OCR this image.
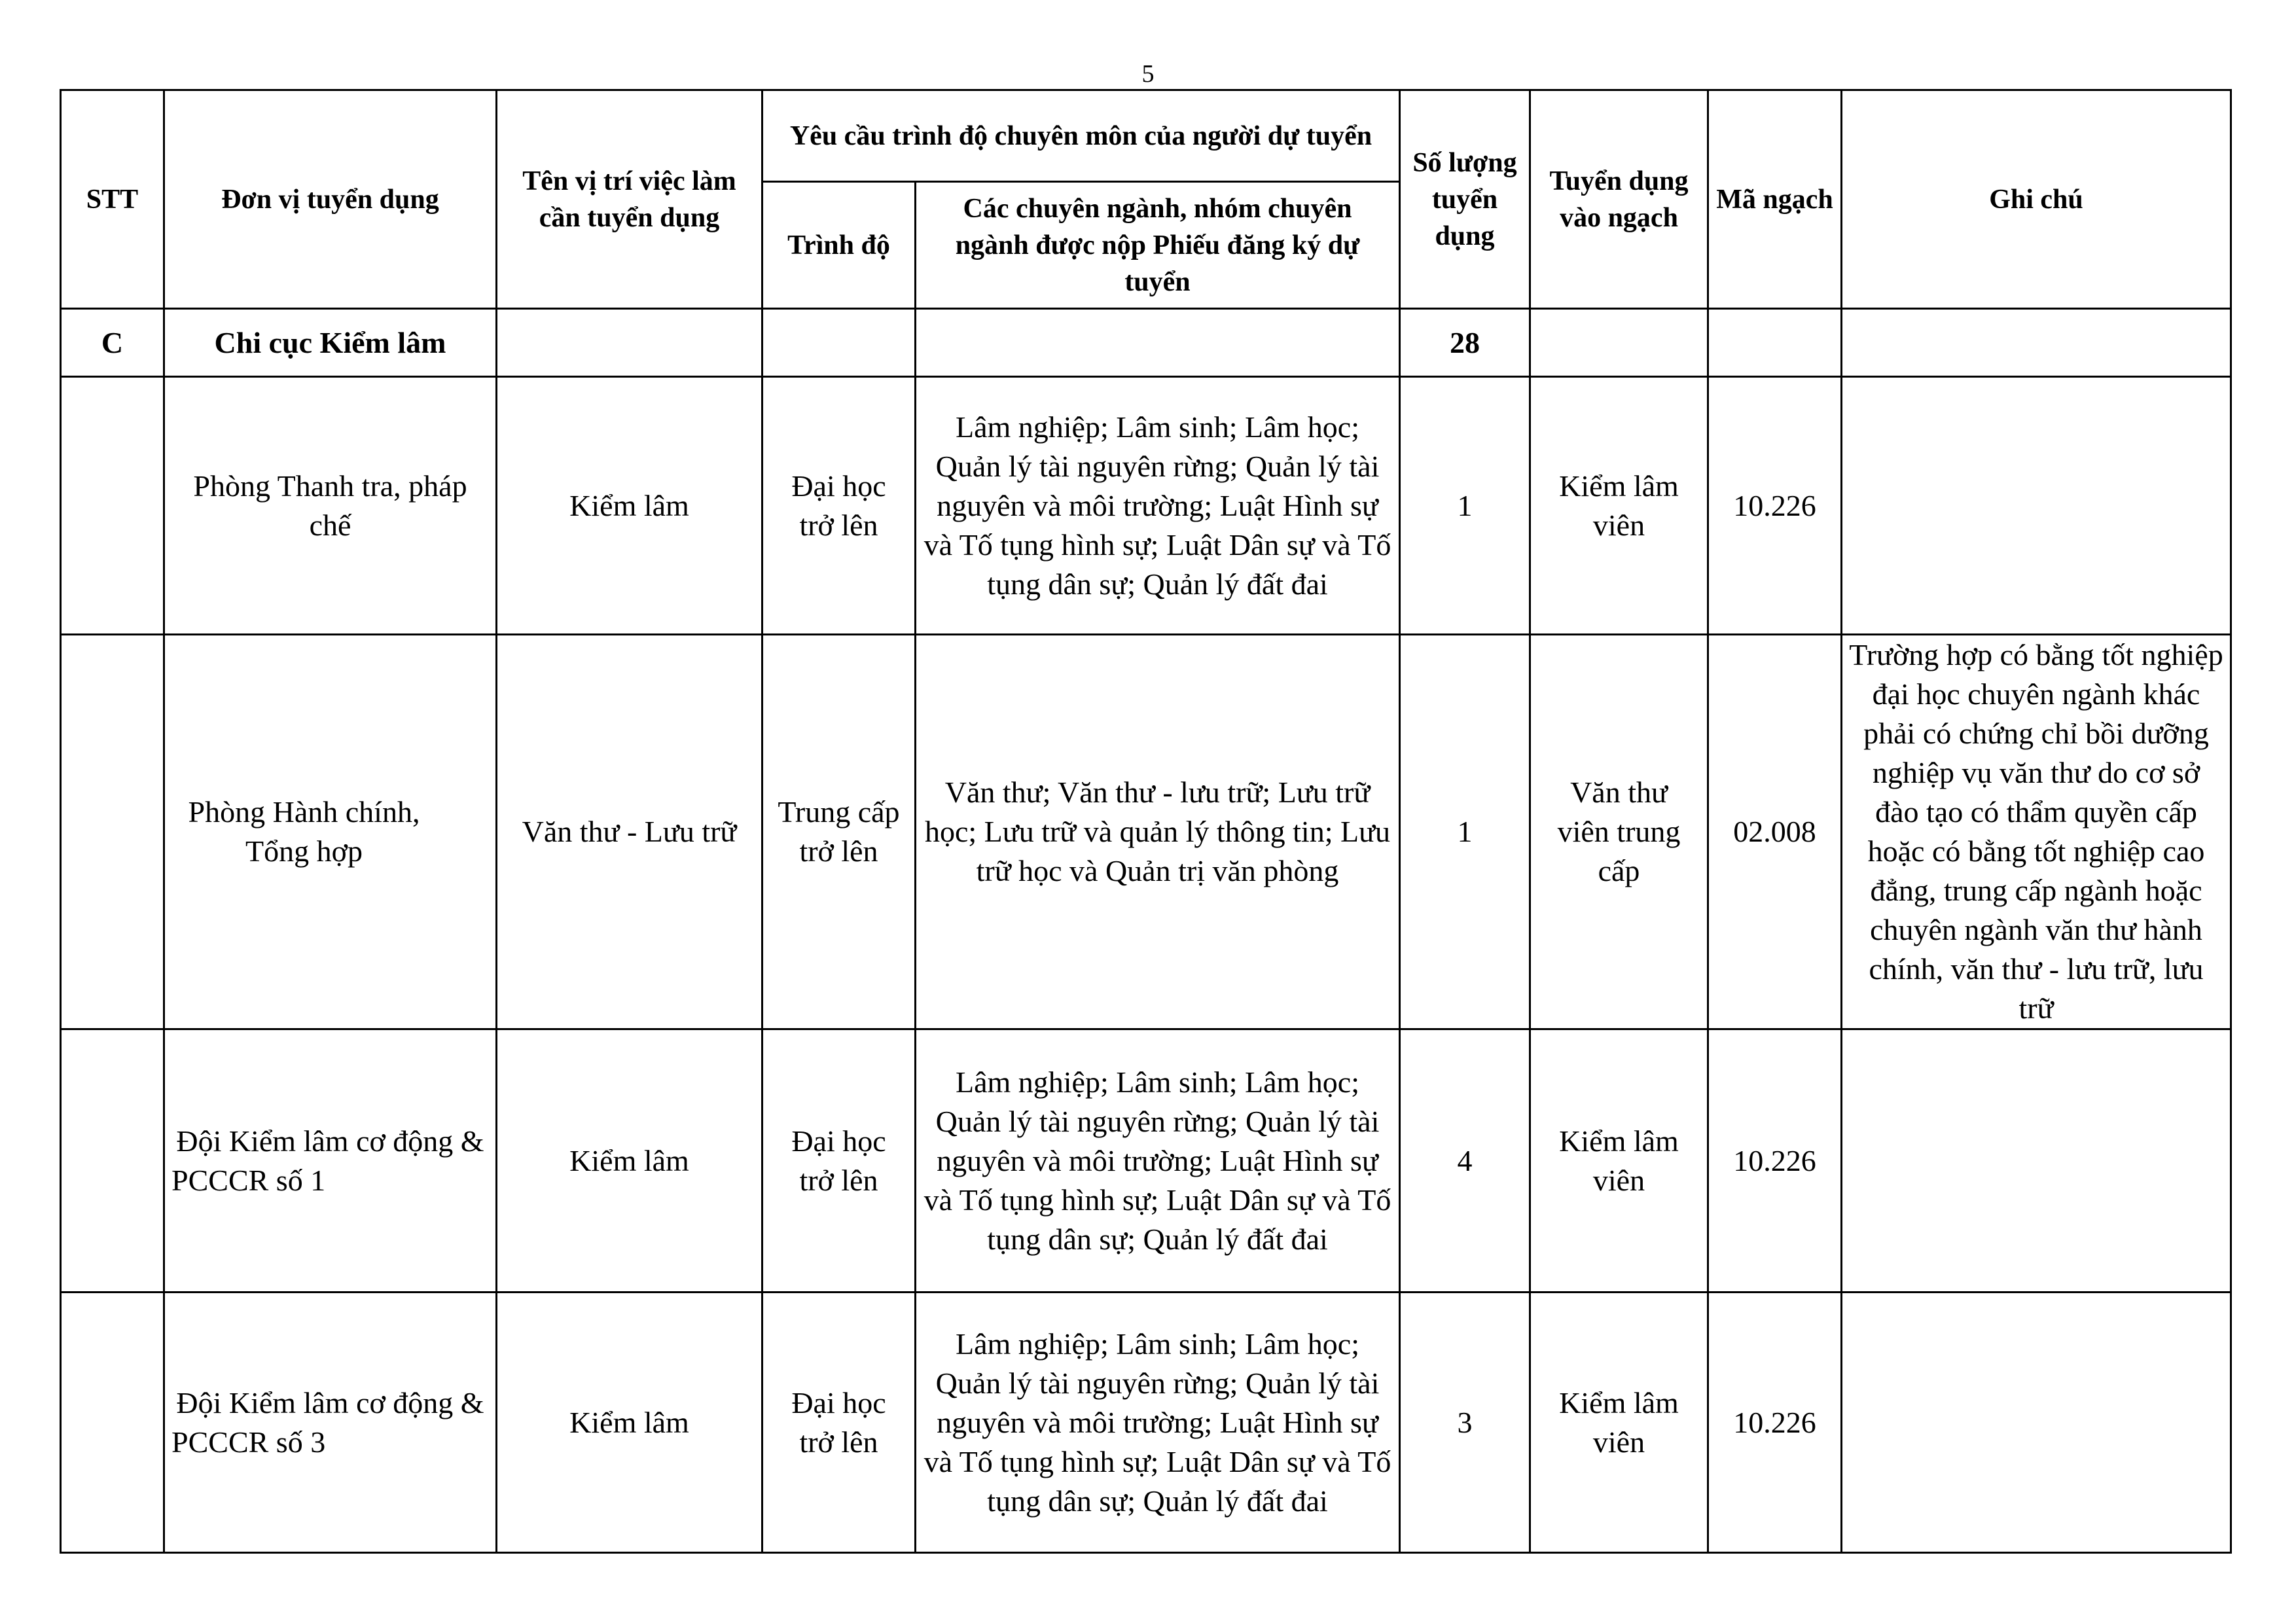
5
STT	Đơn vị tuyển dụng	Tên vị trí việc làm cần tuyển dụng	Yêu cầu trình độ chuyên môn của người dự tuyển		Số lượng tuyển dụng	Tuyển dụng vào ngạch	Mã ngạch	Ghi chú
			Trình độ	Các chuyên ngành, nhóm chuyên ngành được nộp Phiếu đăng ký dự tuyển				
C	Chi cục Kiểm lâm				28			
	Phòng Thanh tra, pháp chế	Kiểm lâm	Đại học trở lên	Lâm nghiệp; Lâm sinh; Lâm học; Quản lý tài nguyên rừng; Quản lý tài nguyên và môi trường; Luật Hình sự và Tố tụng hình sự; Luật Dân sự và Tố tụng dân sự; Quản lý đất đai	1	Kiểm lâm viên	10.226	
	Phòng Hành chính, Tổng hợp	Văn thư - Lưu trữ	Trung cấp trở lên	Văn thư; Văn thư - lưu trữ; Lưu trữ học; Lưu trữ và quản lý thông tin; Lưu trữ học và Quản trị văn phòng	1	Văn thư viên trung cấp	02.008	Trường hợp có bằng tốt nghiệp đại học chuyên ngành khác phải có chứng chỉ bồi dưỡng nghiệp vụ văn thư do cơ sở đào tạo có thẩm quyền cấp hoặc có bằng tốt nghiệp cao đẳng, trung cấp ngành hoặc chuyên ngành văn thư hành chính, văn thư - lưu trữ, lưu trữ
	Đội Kiểm lâm cơ động & PCCCR số 1	Kiểm lâm	Đại học trở lên	Lâm nghiệp; Lâm sinh; Lâm học; Quản lý tài nguyên rừng; Quản lý tài nguyên và môi trường; Luật Hình sự và Tố tụng hình sự; Luật Dân sự và Tố tụng dân sự; Quản lý đất đai	4	Kiểm lâm viên	10.226	
	Đội Kiểm lâm cơ động & PCCCR số 3	Kiểm lâm	Đại học trở lên	Lâm nghiệp; Lâm sinh; Lâm học; Quản lý tài nguyên rừng; Quản lý tài nguyên và môi trường; Luật Hình sự và Tố tụng hình sự; Luật Dân sự và Tố tụng dân sự; Quản lý đất đai	3	Kiểm lâm viên	10.226	
